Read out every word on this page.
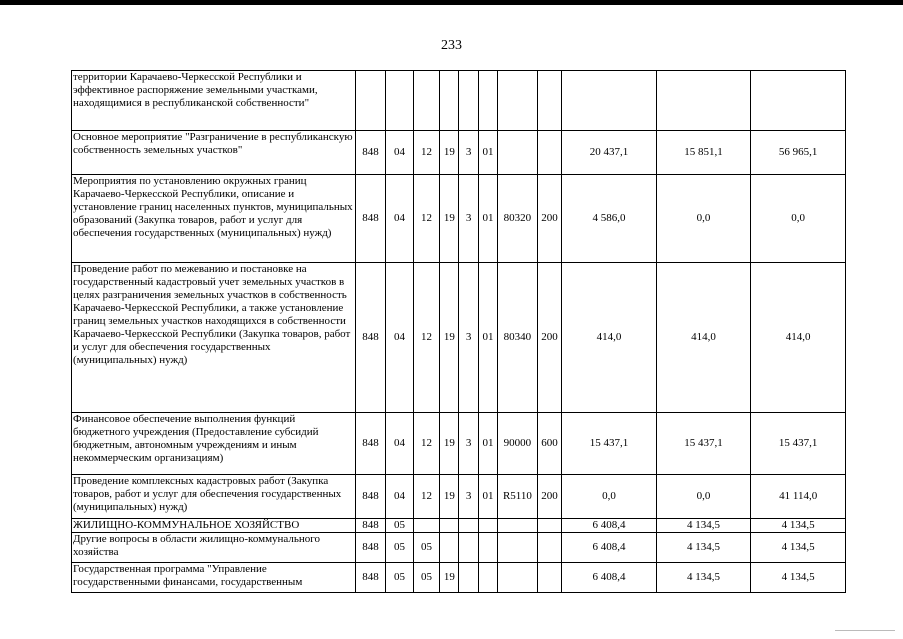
233
территории Карачаево-Черкесской Республики и эффективное распоряжение земельными участками, находящимися в республиканской собственности"											
Основное мероприятие "Разграничение в республиканскую собственность земельных участков"	848	04	12	19	3	01			20 437,1	15 851,1	56 965,1
Мероприятия по установлению окружных границ Карачаево-Черкесской Республики, описание и установление границ населенных пунктов, муниципальных образований (Закупка товаров, работ и услуг для обеспечения государственных (муниципальных) нужд)	848	04	12	19	3	01	80320	200	4 586,0	0,0	0,0
Проведение работ по межеванию и постановке на государственный кадастровый учет земельных участков в целях разграничения земельных участков в собственность Карачаево-Черкесской Республики, а также установление границ земельных участков находящихся в собственности Карачаево-Черкесской Республики (Закупка товаров, работ и услуг для обеспечения государственных (муниципальных) нужд)	848	04	12	19	3	01	80340	200	414,0	414,0	414,0
Финансовое обеспечение выполнения функций бюджетного учреждения (Предоставление субсидий бюджетным, автономным учреждениям и иным некоммерческим организациям)	848	04	12	19	3	01	90000	600	15 437,1	15 437,1	15 437,1
Проведение комплексных кадастровых работ (Закупка товаров, работ и услуг для обеспечения государственных (муниципальных) нужд)	848	04	12	19	3	01	R5110	200	0,0	0,0	41 114,0
ЖИЛИЩНО-КОММУНАЛЬНОЕ ХОЗЯЙСТВО	848	05							6 408,4	4 134,5	4 134,5
Другие вопросы в области жилищно-коммунального хозяйства	848	05	05						6 408,4	4 134,5	4 134,5
Государственная программа "Управление государственными финансами, государственным	848	05	05	19					6 408,4	4 134,5	4 134,5
